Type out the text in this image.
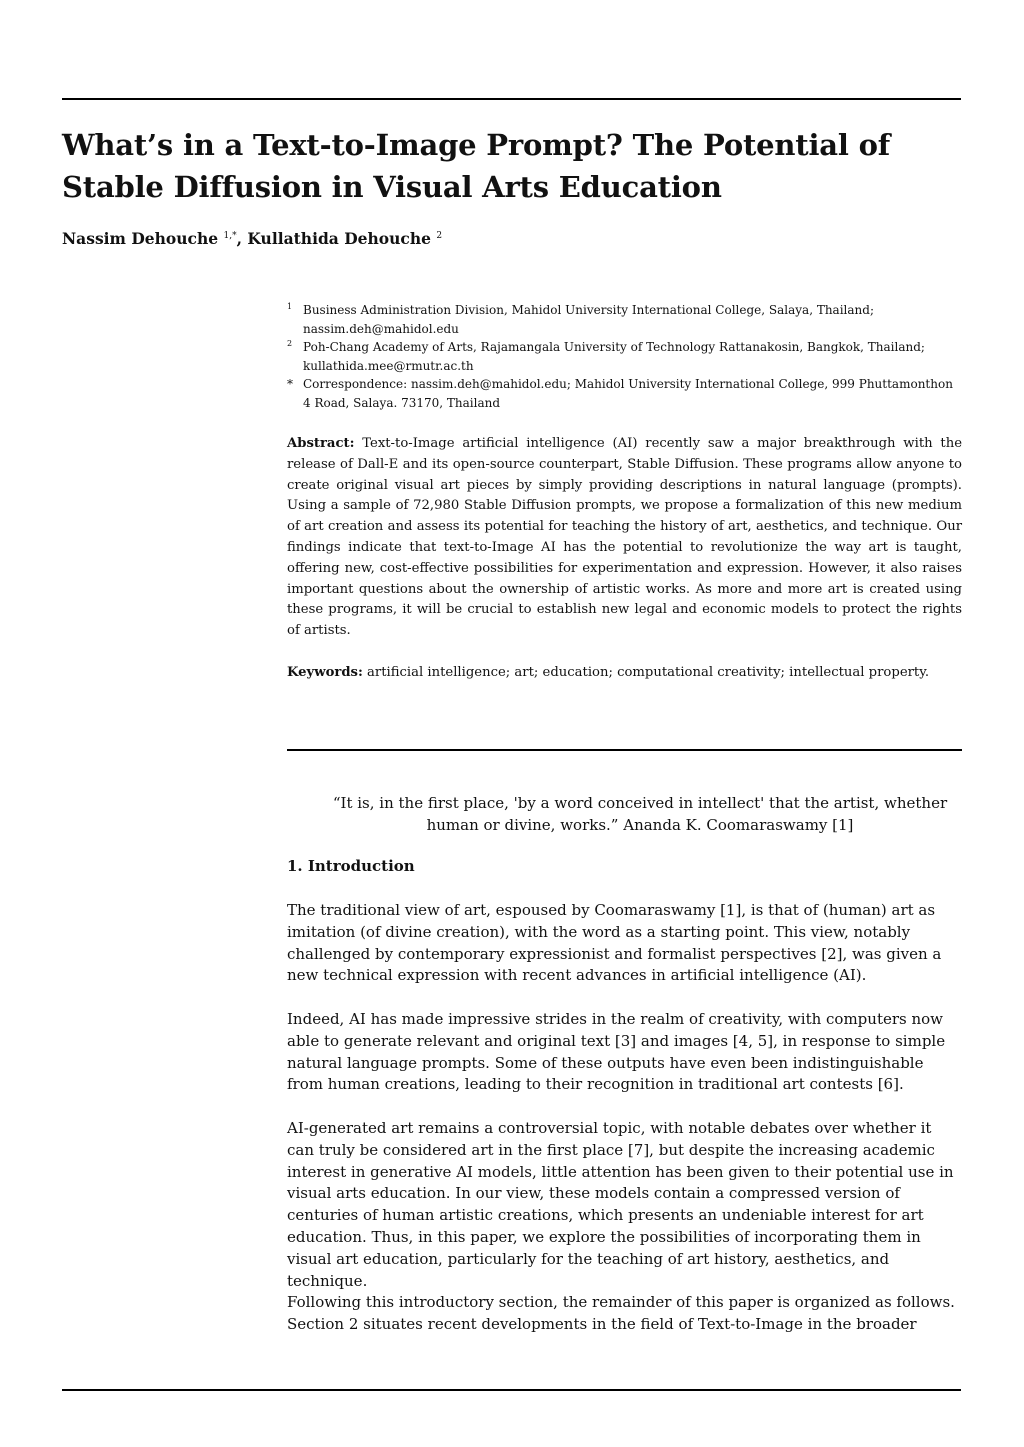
What’s in a Text-to-Image Prompt? The Potential of Stable Diffusion in Visual Arts Education
Nassim Dehouche $^{1,*}$, Kullathida Dehouche $^2$
1 Business Administration Division, Mahidol University International College, Salaya, Thailand;
nassim.deh@mahidol.edu
2 Poh-Chang Academy of Arts, Rajamangala University of Technology Rattanakosin, Bangkok, Thailand;
kullathida.mee@rmutr.ac.th
* Correspondence: nassim.deh@mahidol.edu; Mahidol University International College, 999 Phuttamonthon 4 Road, Salaya. 73170, Thailand

Abstract: Text-to-Image artificial intelligence (AI) recently saw a major breakthrough with the release of Dall-E and its open-source counterpart, Stable Diffusion. These programs allow anyone to create original visual art pieces by simply providing descriptions in natural language (prompts). Using a sample of 72,980 Stable Diffusion prompts, we propose a formalization of this new medium of art creation and assess its potential for teaching the history of art, aesthetics, and technique. Our findings indicate that text-to-Image AI has the potential to revolutionize the way art is taught, offering new, cost-effective possibilities for experimentation and expression. However, it also raises important questions about the ownership of artistic works. As more and more art is created using these programs, it will be crucial to establish new legal and economic models to protect the rights of artists.

Keywords: artificial intelligence; art; education; computational creativity; intellectual property.

“It is, in the first place, 'by a word conceived in intellect' that the artist, whether human or divine, works.” Ananda K. Coomaraswamy [1]

1. Introduction

The traditional view of art, espoused by Coomaraswamy [1], is that of (human) art as imitation (of divine creation), with the word as a starting point. This view, notably challenged by contemporary expressionist and formalist perspectives [2], was given a new technical expression with recent advances in artificial intelligence (AI).

Indeed, AI has made impressive strides in the realm of creativity, with computers now able to generate relevant and original text [3] and images [4, 5], in response to simple natural language prompts. Some of these outputs have even been indistinguishable from human creations, leading to their recognition in traditional art contests [6].

AI-generated art remains a controversial topic, with notable debates over whether it can truly be considered art in the first place [7], but despite the increasing academic interest in generative AI models, little attention has been given to their potential use in visual arts education. In our view, these models contain a compressed version of centuries of human artistic creations, which presents an undeniable interest for art education. Thus, in this paper, we explore the possibilities of incorporating them in visual art education, particularly for the teaching of art history, aesthetics, and technique.

Following this introductory section, the remainder of this paper is organized as follows. Section 2 situates recent developments in the field of Text-to-Image in the broader
